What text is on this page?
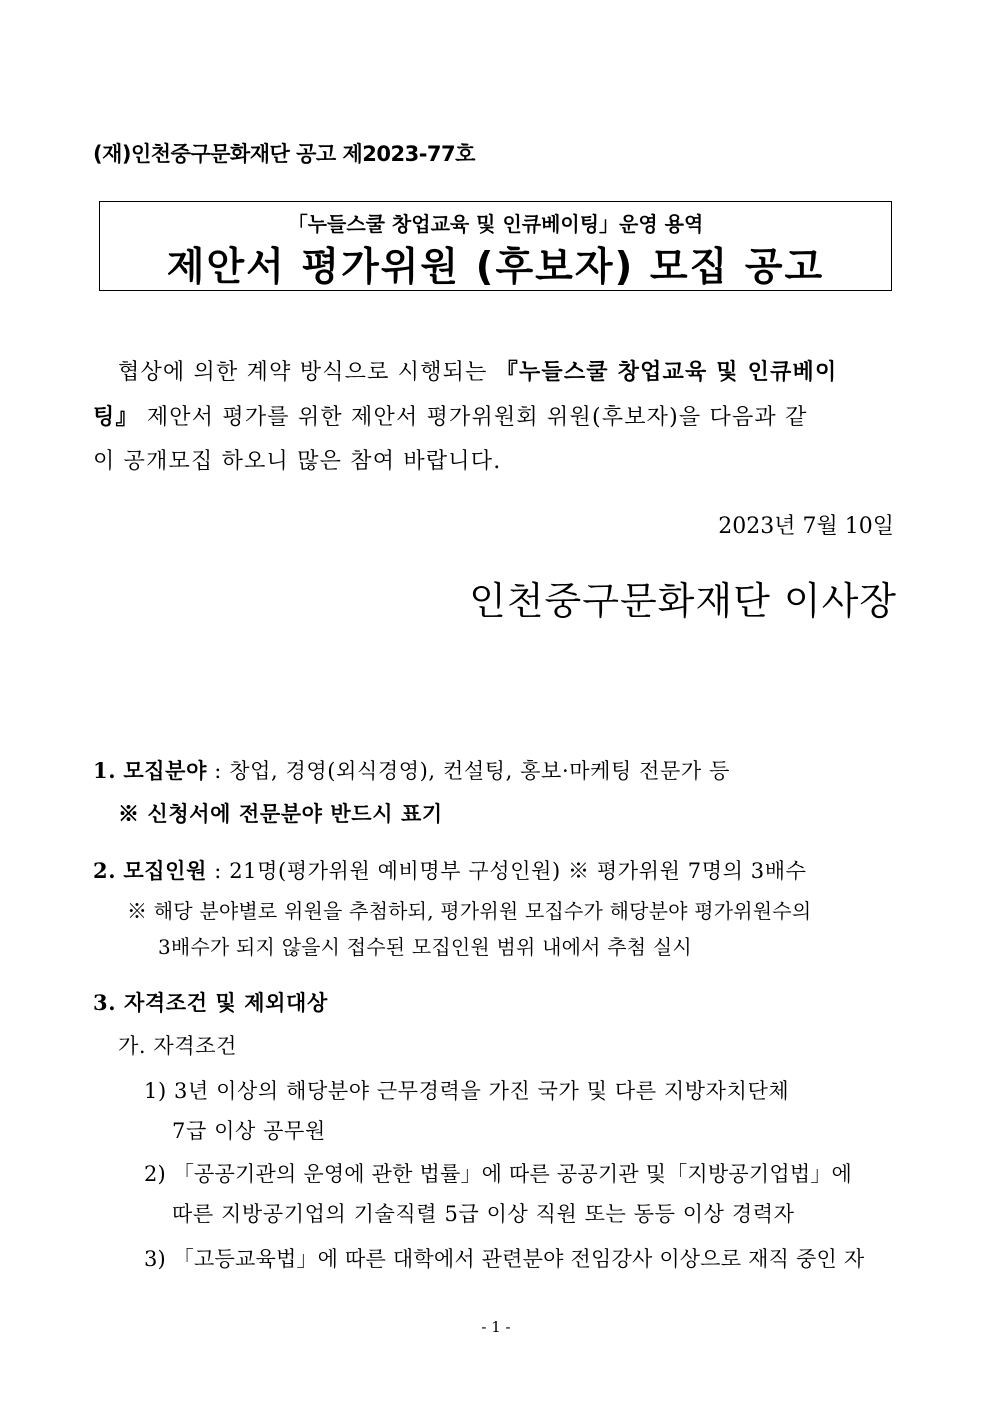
(재)인천중구문화재단 공고 제2023-77호
「누들스쿨 창업교육 및 인큐베이팅」운영 용역
제안서 평가위원 (후보자) 모집 공고
협상에 의한 계약 방식으로 시행되는 『누들스쿨 창업교육 및 인큐베이
팅』 제안서 평가를 위한 제안서 평가위원회 위원(후보자)을 다음과 같
이 공개모집 하오니 많은 참여 바랍니다.
2023년 7월 10일
인천중구문화재단 이사장
1. 모집분야 : 창업, 경영(외식경영), 컨설팅, 홍보·마케팅 전문가 등
※ 신청서에 전문분야 반드시 표기
2. 모집인원 : 21명(평가위원 예비명부 구성인원) ※ 평가위원 7명의 3배수
※ 해당 분야별로 위원을 추첨하되, 평가위원 모집수가 해당분야 평가위원수의
3배수가 되지 않을시 접수된 모집인원 범위 내에서 추첨 실시
3. 자격조건 및 제외대상
가. 자격조건
1) 3년 이상의 해당분야 근무경력을 가진 국가 및 다른 지방자치단체
7급 이상 공무원
2) 「공공기관의 운영에 관한 법률」에 따른 공공기관 및「지방공기업법」에
따른 지방공기업의 기술직렬 5급 이상 직원 또는 동등 이상 경력자
3) 「고등교육법」에 따른 대학에서 관련분야 전임강사 이상으로 재직 중인 자
- 1 -
